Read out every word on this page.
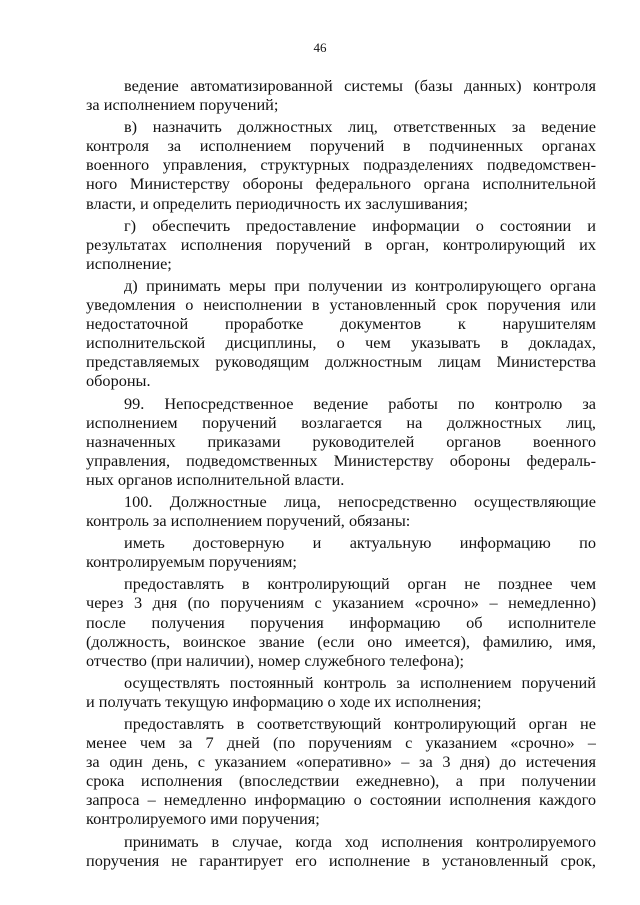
46
ведение автоматизированной системы (базы данных) контроля
за исполнением поручений;
в) назначить должностных лиц, ответственных за ведение
контроля за исполнением поручений в подчиненных органах
военного управления, структурных подразделениях подведомствен-
ного Министерству обороны федерального органа исполнительной
власти, и определить периодичность их заслушивания;
г) обеспечить предоставление информации о состоянии и
результатах исполнения поручений в орган, контролирующий их
исполнение;
д) принимать меры при получении из контролирующего органа
уведомления о неисполнении в установленный срок поручения или
недостаточной проработке документов к нарушителям
исполнительской дисциплины, о чем указывать в докладах,
представляемых руководящим должностным лицам Министерства
обороны.
99. Непосредственное ведение работы по контролю за
исполнением поручений возлагается на должностных лиц,
назначенных приказами руководителей органов военного
управления, подведомственных Министерству обороны федераль-
ных органов исполнительной власти.
100. Должностные лица, непосредственно осуществляющие
контроль за исполнением поручений, обязаны:
иметь достоверную и актуальную информацию по
контролируемым поручениям;
предоставлять в контролирующий орган не позднее чем
через 3 дня (по поручениям с указанием «срочно» – немедленно)
после получения поручения информацию об исполнителе
(должность, воинское звание (если оно имеется), фамилию, имя,
отчество (при наличии), номер служебного телефона);
осуществлять постоянный контроль за исполнением поручений
и получать текущую информацию о ходе их исполнения;
предоставлять в соответствующий контролирующий орган не
менее чем за 7 дней (по поручениям с указанием «срочно» –
за один день, с указанием «оперативно» – за 3 дня) до истечения
срока исполнения (впоследствии ежедневно), а при получении
запроса – немедленно информацию о состоянии исполнения каждого
контролируемого ими поручения;
принимать в случае, когда ход исполнения контролируемого
поручения не гарантирует его исполнение в установленный срок,
